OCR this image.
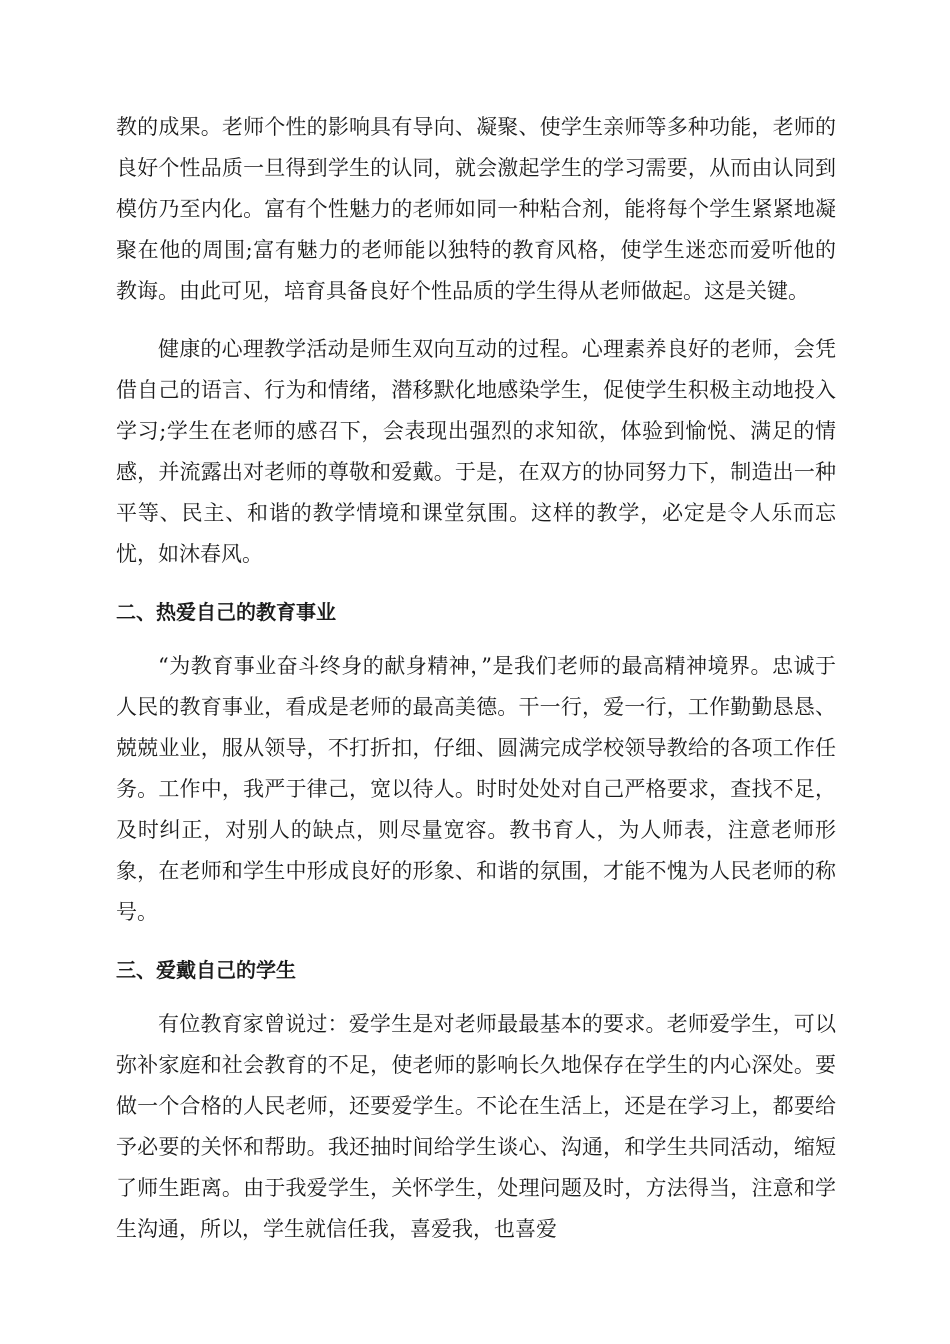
教的成果。老师个性的影响具有导向、凝聚、使学生亲师等多种功能，老师的良好个性品质一旦得到学生的认同，就会激起学生的学习需要，从而由认同到模仿乃至内化。富有个性魅力的老师如同一种粘合剂，能将每个学生紧紧地凝聚在他的周围;富有魅力的老师能以独特的教育风格，使学生迷恋而爱听他的教诲。由此可见，培育具备良好个性品质的学生得从老师做起。这是关键。

健康的心理教学活动是师生双向互动的过程。心理素养良好的老师，会凭借自己的语言、行为和情绪，潜移默化地感染学生，促使学生积极主动地投入学习;学生在老师的感召下，会表现出强烈的求知欲，体验到愉悦、满足的情感，并流露出对老师的尊敬和爱戴。于是，在双方的协同努力下，制造出一种平等、民主、和谐的教学情境和课堂氛围。这样的教学，必定是令人乐而忘忧，如沐春风。

二、热爱自己的教育事业

“为教育事业奋斗终身的献身精神，”是我们老师的最高精神境界。忠诚于人民的教育事业，看成是老师的最高美德。干一行，爱一行，工作勤勤恳恳、兢兢业业，服从领导，不打折扣，仔细、圆满完成学校领导教给的各项工作任务。工作中，我严于律己，宽以待人。时时处处对自己严格要求，查找不足，及时纠正，对别人的缺点，则尽量宽容。教书育人，为人师表，注意老师形象，在老师和学生中形成良好的形象、和谐的氛围，才能不愧为人民老师的称号。

三、爱戴自己的学生

有位教育家曾说过：爱学生是对老师最最基本的要求。老师爱学生，可以弥补家庭和社会教育的不足，使老师的影响长久地保存在学生的内心深处。要做一个合格的人民老师，还要爱学生。不论在生活上，还是在学习上，都要给予必要的关怀和帮助。我还抽时间给学生谈心、沟通，和学生共同活动，缩短了师生距离。由于我爱学生，关怀学生，处理问题及时，方法得当，注意和学生沟通，所以，学生就信任我，喜爱我，也喜爱
